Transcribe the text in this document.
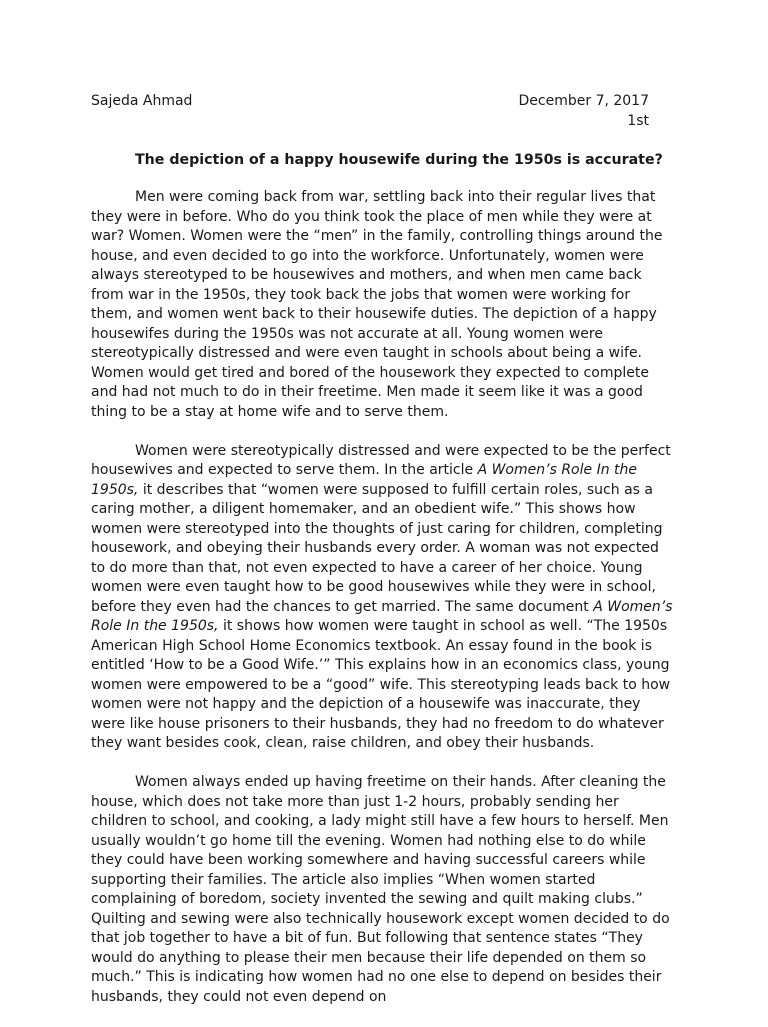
Sajeda Ahmad	December 7, 2017
1st
The depiction of a happy housewife during the 1950s is accurate?

Men were coming back from war, settling back into their regular lives that they were in before. Who do you think took the place of men while they were at war? Women. Women were the “men” in the family, controlling things around the house, and even decided to go into the workforce. Unfortunately, women were always stereotyped to be housewives and mothers, and when men came back from war in the 1950s, they took back the jobs that women were working for them, and women went back to their housewife duties. The depiction of a happy housewifes during the 1950s was not accurate at all. Young women were stereotypically distressed and were even taught in schools about being a wife. Women would get tired and bored of the housework they expected to complete and had not much to do in their freetime. Men made it seem like it was a good thing to be a stay at home wife and to serve them.

Women were stereotypically distressed and were expected to be the perfect housewives and expected to serve them. In the article A Women’s Role In the 1950s, it describes that “women were supposed to fulfill certain roles, such as a caring mother, a diligent homemaker, and an obedient wife.” This shows how women were stereotyped into the thoughts of just caring for children, completing housework, and obeying their husbands every order. A woman was not expected to do more than that, not even expected to have a career of her choice. Young women were even taught how to be good housewives while they were in school, before they even had the chances to get married. The same document A Women’s Role In the 1950s, it shows how women were taught in school as well. “The 1950s American High School Home Economics textbook. An essay found in the book is entitled ‘How to be a Good Wife.’” This explains how in an economics class, young women were empowered to be a “good” wife. This stereotyping leads back to how women were not happy and the depiction of a housewife was inaccurate, they were like house prisoners to their husbands, they had no freedom to do whatever they want besides cook, clean, raise children, and obey their husbands.

Women always ended up having freetime on their hands. After cleaning the house, which does not take more than just 1-2 hours, probably sending her children to school, and cooking, a lady might still have a few hours to herself. Men usually wouldn’t go home till the evening. Women had nothing else to do while they could have been working somewhere and having successful careers while supporting their families. The article also implies “When women started complaining of boredom, society invented the sewing and quilt making clubs.” Quilting and sewing were also technically housework except women decided to do that job together to have a bit of fun. But following that sentence states “They would do anything to please their men because their life depended on them so much.” This is indicating how women had no one else to depend on besides their husbands, they could not even depend on
